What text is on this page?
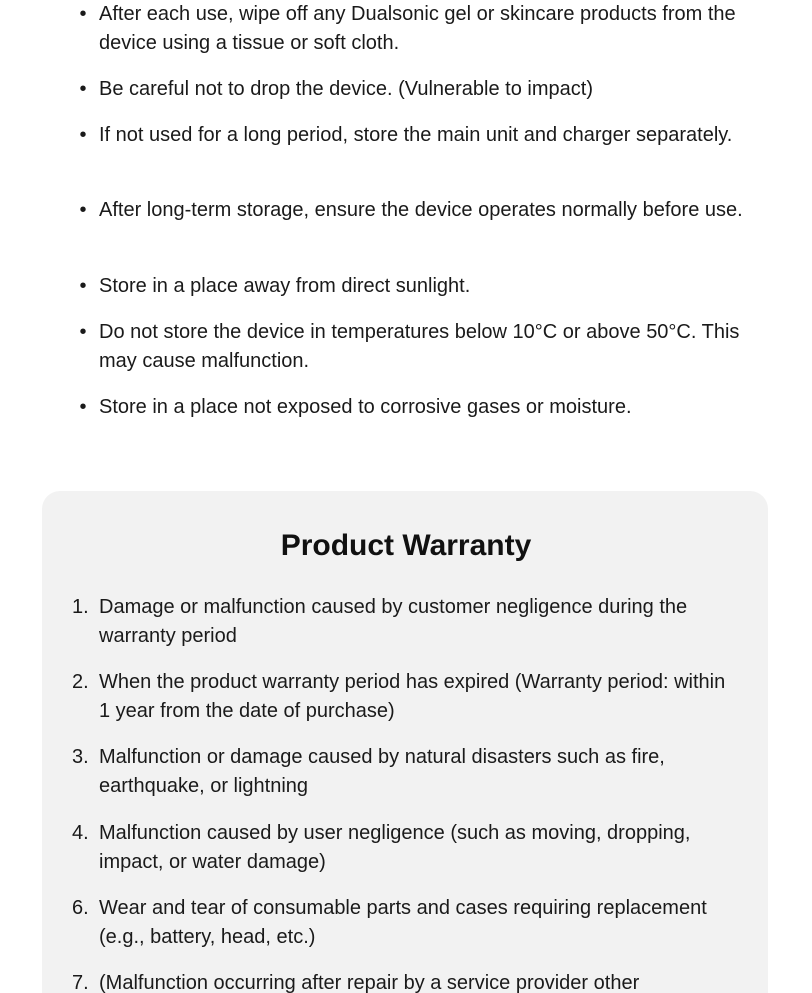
• After each use, wipe off any Dualsonic gel or skincare products from the device using a tissue or soft cloth.
• Be careful not to drop the device. (Vulnerable to impact)
• If not used for a long period, store the main unit and charger separately.
• After long-term storage, ensure the device operates normally before use.
• Store in a place away from direct sunlight.
• Do not store the device in temperatures below 10°C or above 50°C. This may cause malfunction.
• Store in a place not exposed to corrosive gases or moisture.
Product Warranty
1. Damage or malfunction caused by customer negligence during the warranty period
2. When the product warranty period has expired (Warranty period: within 1 year from the date of purchase)
3. Malfunction or damage caused by natural disasters such as fire, earthquake, or lightning
4. Malfunction caused by user negligence (such as moving, dropping, impact, or water damage)
6. Wear and tear of consumable parts and cases requiring replacement (e.g., battery, head, etc.)
7. (Malfunction occurring after repair by a service provider other
